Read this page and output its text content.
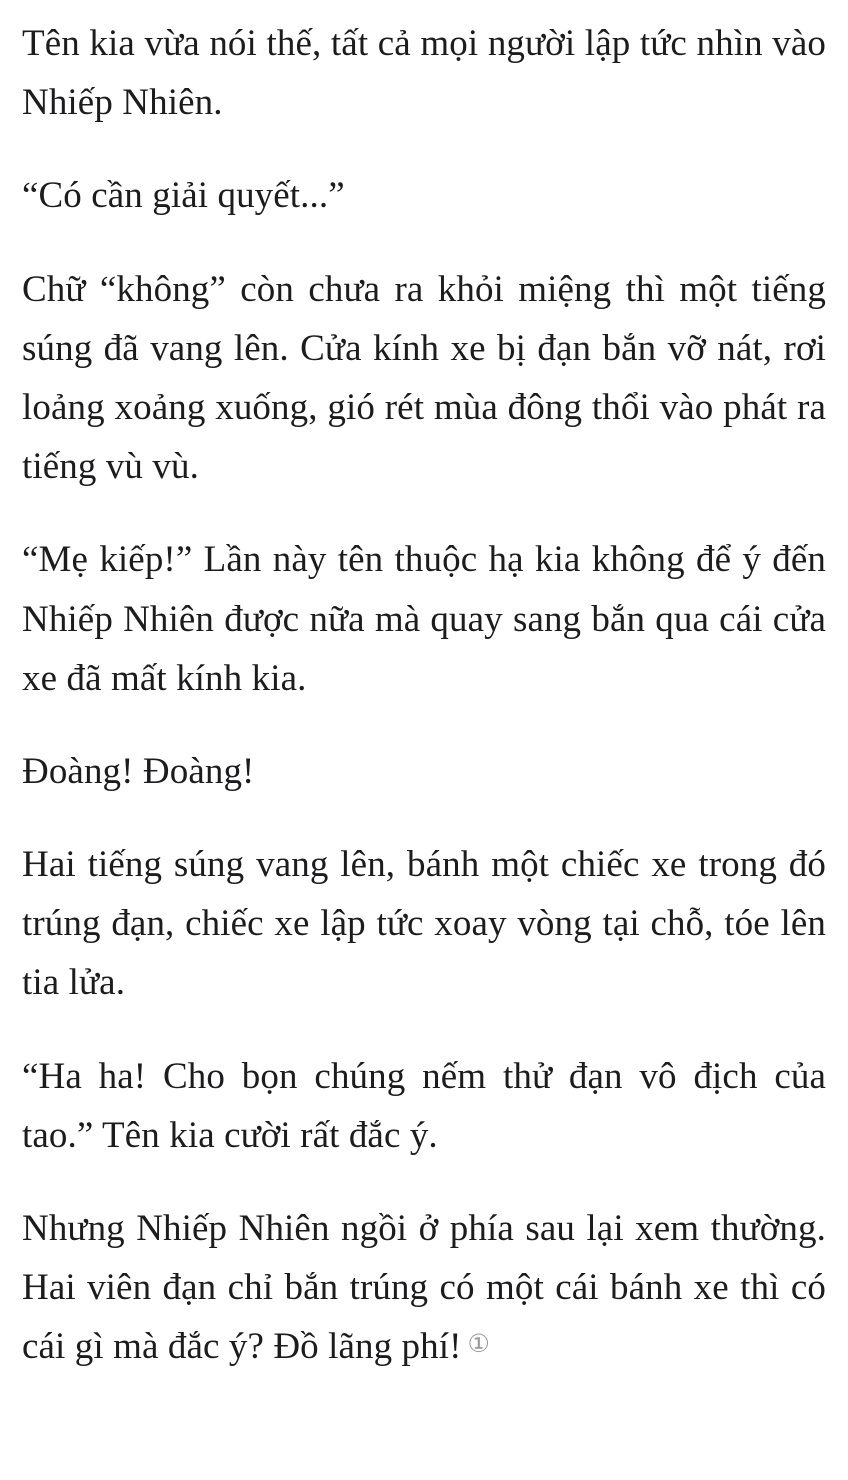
Tên kia vừa nói thế, tất cả mọi người lập tức nhìn vào Nhiếp Nhiên.

“Có cần giải quyết...”

Chữ “không” còn chưa ra khỏi miệng thì một tiếng súng đã vang lên. Cửa kính xe bị đạn bắn vỡ nát, rơi loảng xoảng xuống, gió rét mùa đông thổi vào phát ra tiếng vù vù.

“Mẹ kiếp!” Lần này tên thuộc hạ kia không để ý đến Nhiếp Nhiên được nữa mà quay sang bắn qua cái cửa xe đã mất kính kia.

Đoàng! Đoàng!

Hai tiếng súng vang lên, bánh một chiếc xe trong đó trúng đạn, chiếc xe lập tức xoay vòng tại chỗ, tóe lên tia lửa.

“Ha ha! Cho bọn chúng nếm thử đạn vô địch của tao.” Tên kia cười rất đắc ý.

Nhưng Nhiếp Nhiên ngồi ở phía sau lại xem thường. Hai viên đạn chỉ bắn trúng có một cái bánh xe thì có cái gì mà đắc ý? Đồ lãng phí! ①
